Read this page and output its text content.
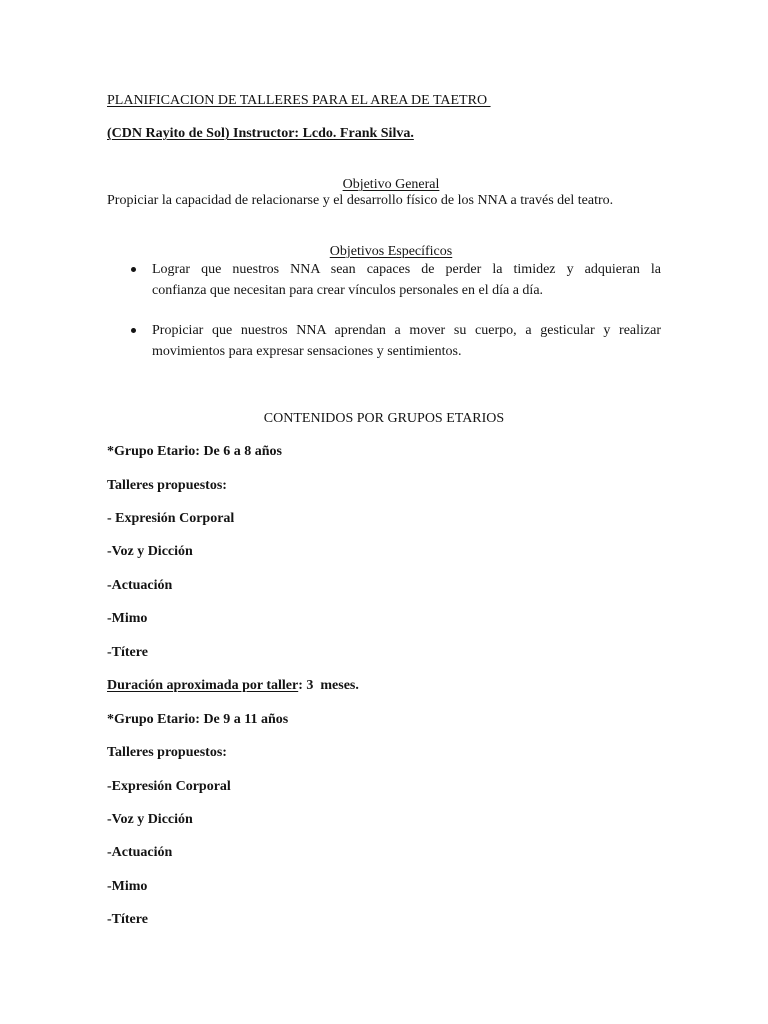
PLANIFICACION DE TALLERES PARA EL AREA DE TAETRO
(CDN Rayito de Sol) Instructor: Lcdo. Frank Silva.

Objetivo General

Propiciar la capacidad de relacionarse y el desarrollo físico de los NNA a través del teatro.

Objetivos Específicos

Lograr que nuestros NNA sean capaces de perder la timidez y adquieran la
confianza que necesitan para crear vínculos personales en el día a día.
Propiciar que nuestros NNA aprendan a mover su cuerpo, a gesticular y realizar
movimientos para expresar sensaciones y sentimientos.
CONTENIDOS POR GRUPOS ETARIOS
*Grupo Etario: De 6 a 8 años
Talleres propuestos:
- Expresión Corporal
-Voz y Dicción
-Actuación
-Mimo
-Títere
Duración aproximada por taller: 3  meses.
*Grupo Etario: De 9 a 11 años
Talleres propuestos:
-Expresión Corporal
-Voz y Dicción
-Actuación
-Mimo
-Títere
